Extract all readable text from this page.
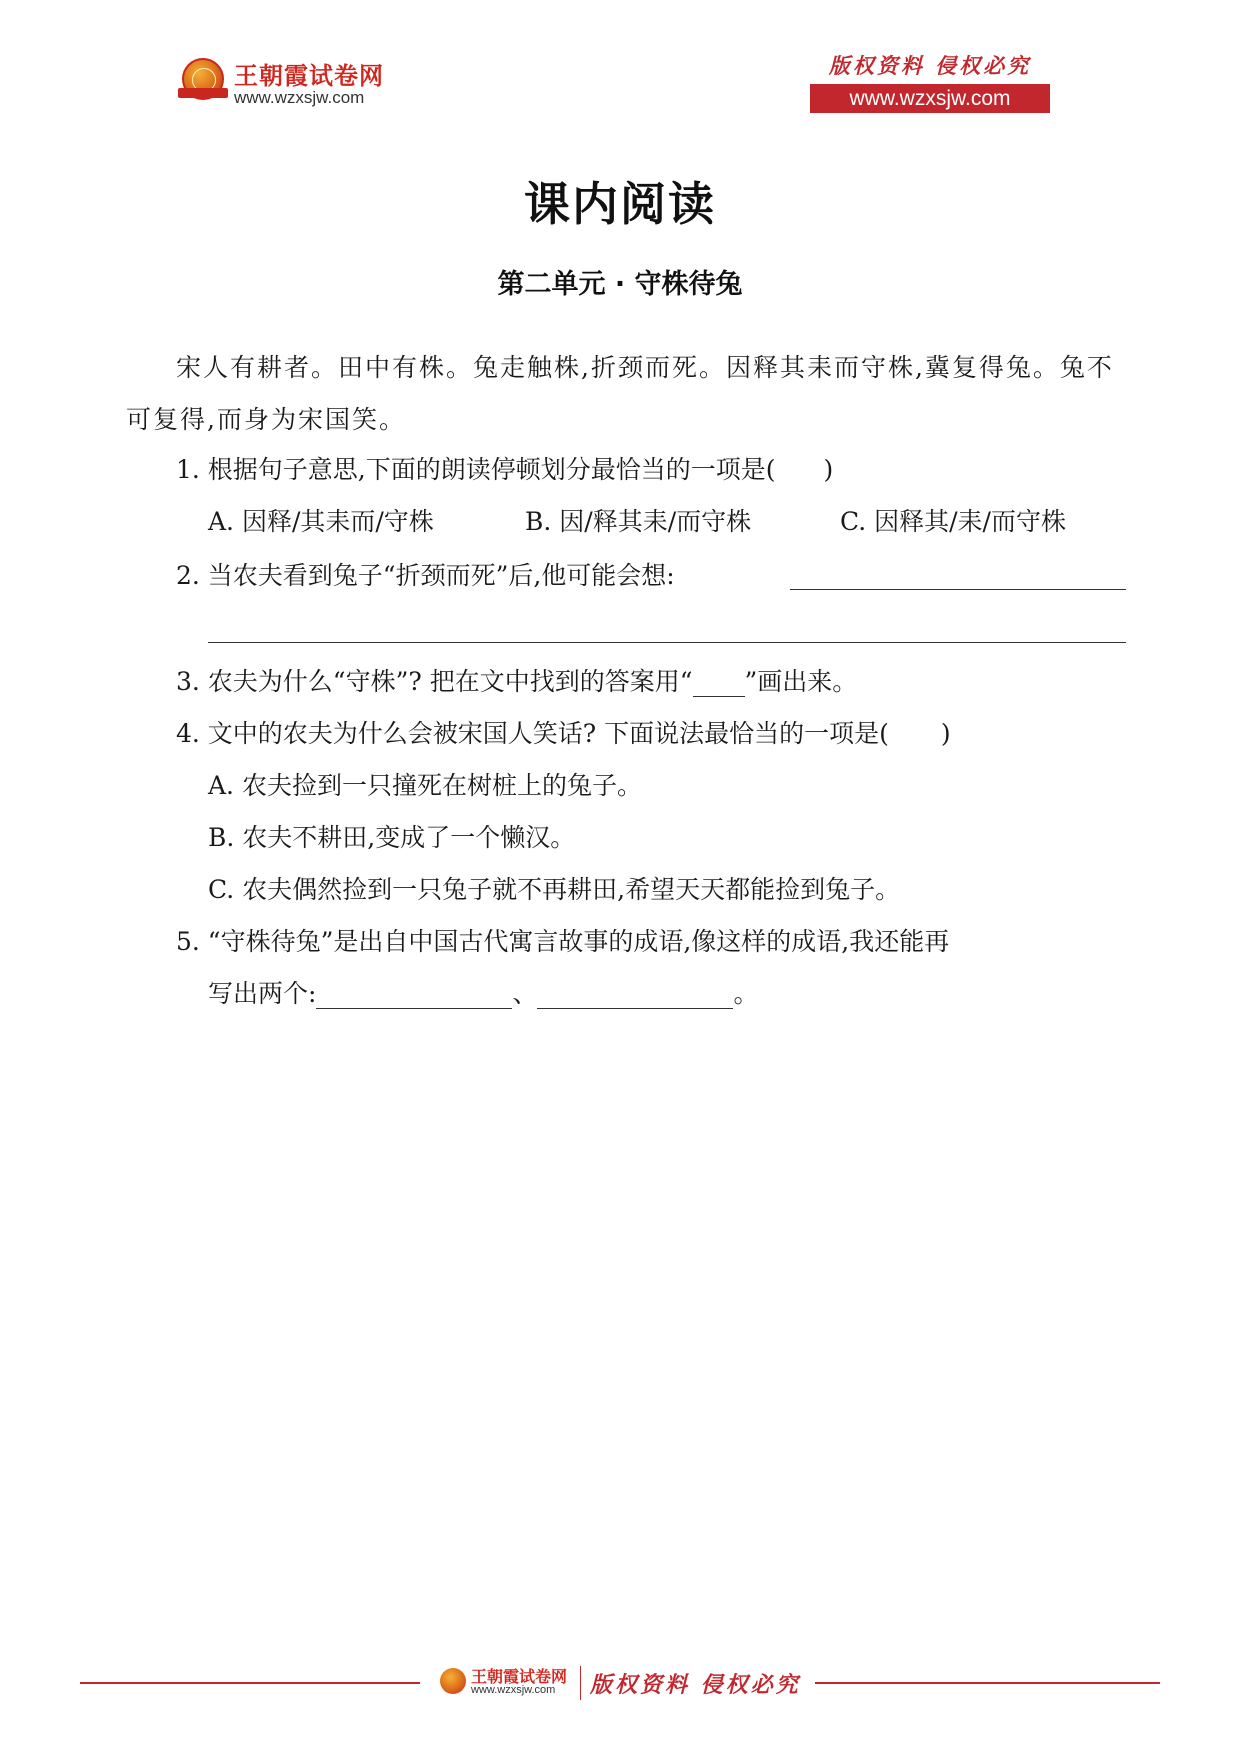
王朝霞试卷网
www.wzxsjw.com
版权资料 侵权必究
www.wzxsjw.com
课内阅读
第二单元 · 守株待兔

宋人有耕者。田中有株。兔走触株,折颈而死。因释其耒而守株,冀复得兔。兔不可复得,而身为宋国笑。

1. 根据句子意思,下面的朗读停顿划分最恰当的一项是( )
A. 因释/其耒而/守株	B. 因/释其耒/而守株	C. 因释其/耒/而守株
2. 当农夫看到兔子“折颈而死”后,他可能会想:
3. 农夫为什么“守株”? 把在文中找到的答案用“ ”画出来。
4. 文中的农夫为什么会被宋国人笑话? 下面说法最恰当的一项是( )
A. 农夫捡到一只撞死在树桩上的兔子。
B. 农夫不耕田,变成了一个懒汉。
C. 农夫偶然捡到一只兔子就不再耕田,希望天天都能捡到兔子。
5. “守株待兔”是出自中国古代寓言故事的成语,像这样的成语,我还能再
写出两个:	、	。
王朝霞试卷网
www.wzxsjw.com 版权资料 侵权必究
